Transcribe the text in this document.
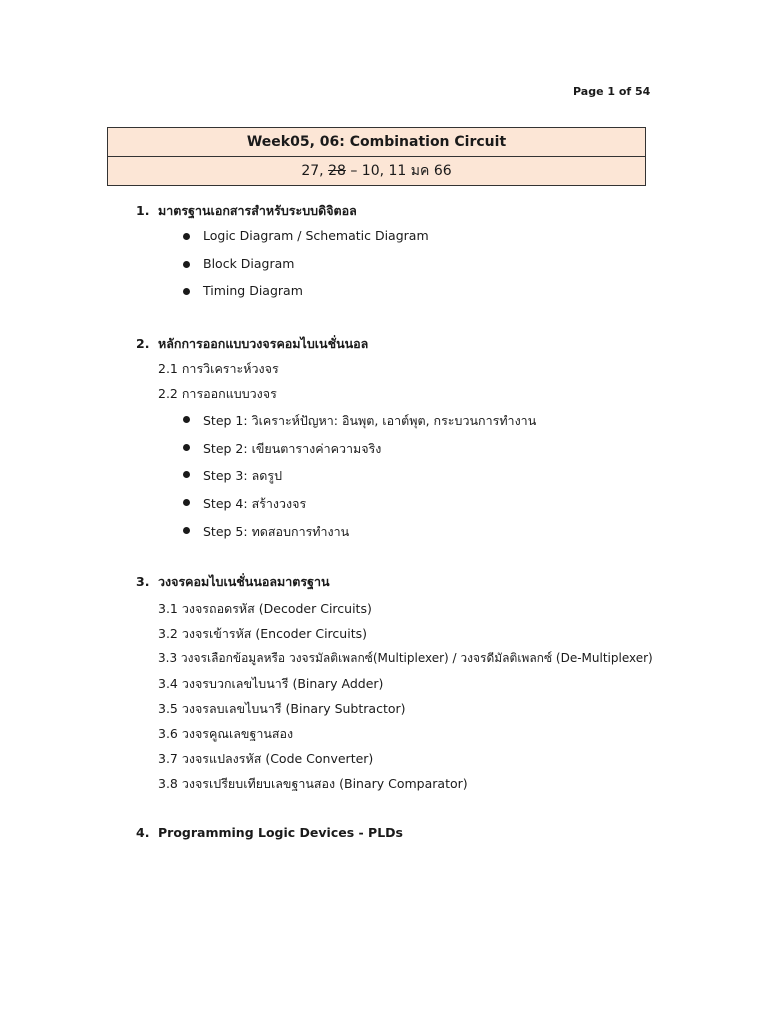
Page 1 of 54
Week05, 06: Combination Circuit
27, 28 – 10, 11 มค 66
1. มาตรฐานเอกสารสำหรับระบบดิจิตอล
Logic Diagram / Schematic Diagram
Block Diagram
Timing Diagram
2. หลักการออกแบบวงจรคอมไบเนชั่นนอล
2.1 การวิเคราะห์วงจร
2.2 การออกแบบวงจร
Step 1: วิเคราะห์ปัญหา: อินพุต, เอาต์พุต, กระบวนการทำงาน
Step 2: เขียนตารางค่าความจริง
Step 3: ลดรูป
Step 4: สร้างวงจร
Step 5: ทดสอบการทำงาน
3. วงจรคอมไบเนชั่นนอลมาตรฐาน
3.1 วงจรถอดรหัส (Decoder Circuits)
3.2 วงจรเข้ารหัส (Encoder Circuits)
3.3 วงจรเลือกข้อมูลหรือ วงจรมัลติเพลกซ์(Multiplexer) / วงจรดีมัลติเพลกซ์ (De-Multiplexer)
3.4 วงจรบวกเลขไบนารี (Binary Adder)
3.5 วงจรลบเลขไบนารี (Binary Subtractor)
3.6 วงจรคูณเลขฐานสอง
3.7 วงจรแปลงรหัส (Code Converter)
3.8 วงจรเปรียบเทียบเลขฐานสอง (Binary Comparator)
4. Programming Logic Devices - PLDs
